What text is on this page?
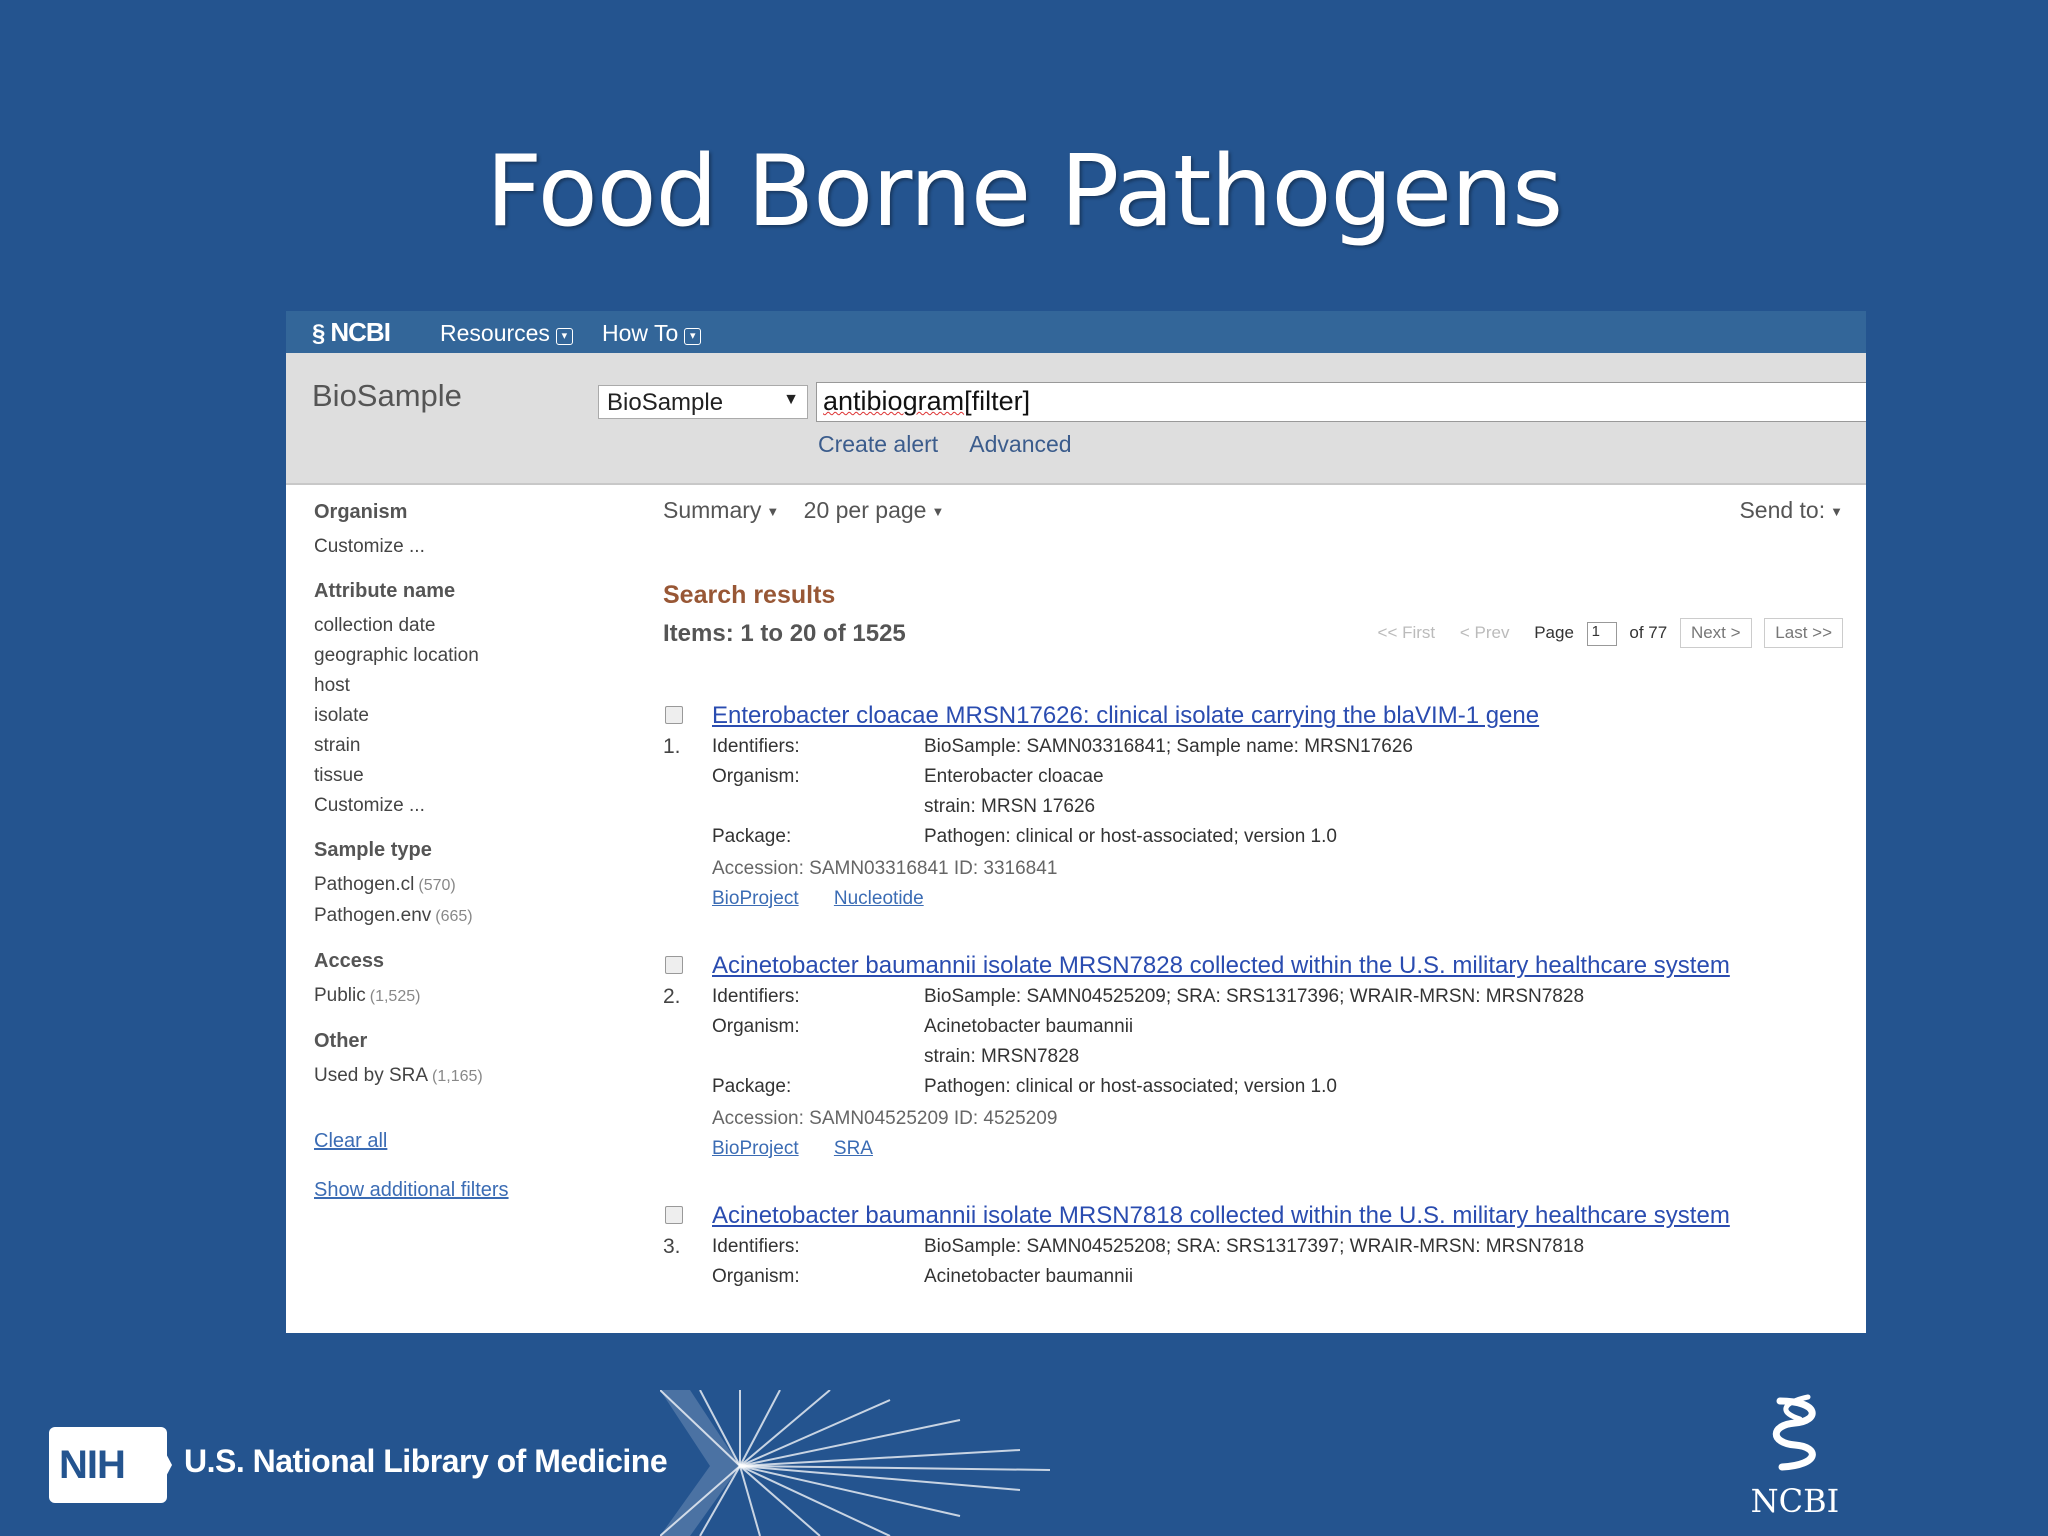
Food Borne Pathogens
§ NCBI Resources ▾ How To ▾
BioSample	BioSample	▼ antibiogram[filter]
Create alert Advanced
Organism
Customize ...
Attribute name
collection date
geographic location
host
isolate
strain
tissue
Customize ...
Sample type
Pathogen.cl (570)
Pathogen.env (665)
Access
Public (1,525)
Other
Used by SRA (1,165)
Clear all
Show additional filters
Summary ▼ 20 per page ▼	Send to: ▼
Search results
Items: 1 to 20 of 1525	<< First < Prev Page 1 of 77 Next > Last >>
1.
Enterobacter cloacae MRSN17626: clinical isolate carrying the blaVIM-1 gene
Identifiers:	BioSample: SAMN03316841; Sample name: MRSN17626
Organism:	Enterobacter cloacae
strain: MRSN 17626
Package:	Pathogen: clinical or host-associated; version 1.0
Accession: SAMN03316841 ID: 3316841
BioProject Nucleotide
2.
Acinetobacter baumannii isolate MRSN7828 collected within the U.S. military healthcare system
Identifiers:	BioSample: SAMN04525209; SRA: SRS1317396; WRAIR-MRSN: MRSN7828
Organism:	Acinetobacter baumannii
strain: MRSN7828
Package:	Pathogen: clinical or host-associated; version 1.0
Accession: SAMN04525209 ID: 4525209
BioProject SRA
3.
Acinetobacter baumannii isolate MRSN7818 collected within the U.S. military healthcare system
Identifiers:	BioSample: SAMN04525208; SRA: SRS1317397; WRAIR-MRSN: MRSN7818
Organism:	Acinetobacter baumannii
NIH	U.S. National Library of Medicine
NCBI
